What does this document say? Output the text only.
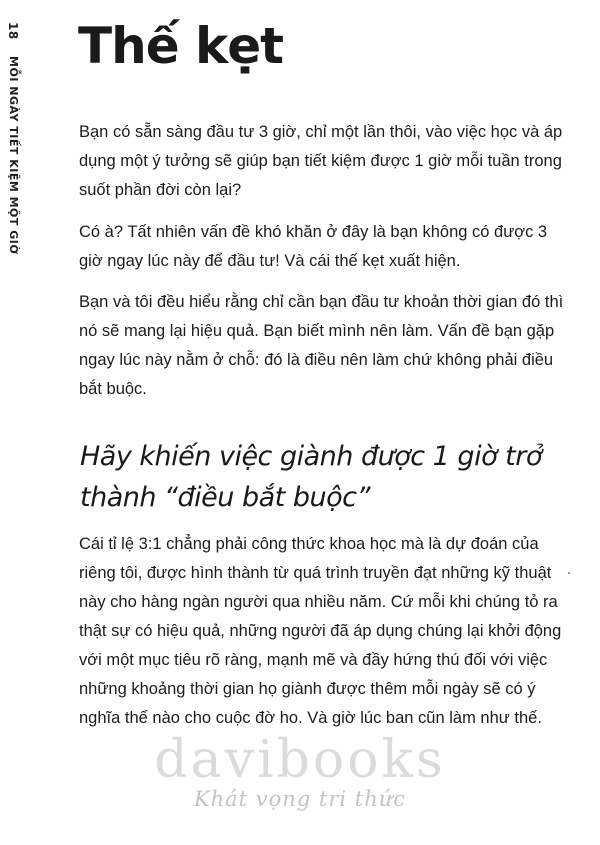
18 MỖI NGÀY TIẾT KIỆM MỘT GIỜ
Thế kẹt

Bạn có sẵn sàng đầu tư 3 giờ, chỉ một lần thôi, vào việc học và áp dụng một ý tưởng sẽ giúp bạn tiết kiệm được 1 giờ mỗi tuần trong suốt phần đời còn lại?

Có à? Tất nhiên vấn đề khó khăn ở đây là bạn không có được 3 giờ ngay lúc này để đầu tư! Và cái thế kẹt xuất hiện.

Bạn và tôi đều hiểu rằng chỉ cần bạn đầu tư khoản thời gian đó thì nó sẽ mang lại hiệu quả. Bạn biết mình nên làm. Vấn đề bạn gặp ngay lúc này nằm ở chỗ: đó là điều nên làm chứ không phải điều bắt buộc.

Hãy khiến việc giành được 1 giờ trở thành “điều bắt buộc”

Cái tỉ lệ 3:1 chẳng phải công thức khoa học mà là dự đoán của riêng tôi, được hình thành từ quá trình truyền đạt những kỹ thuật này cho hàng ngàn người qua nhiều năm. Cứ mỗi khi chúng tỏ ra thật sự có hiệu quả, những người đã áp dụng chúng lại khởi động với một mục tiêu rõ ràng, mạnh mẽ và đầy hứng thú đối với việc những khoảng thời gian họ giành được thêm mỗi ngày sẽ có ý nghĩa thế nào cho cuộc đờ ho. Và giờ lúc ban cũn làm như thế.

davibooks
Khát vọng tri thức
